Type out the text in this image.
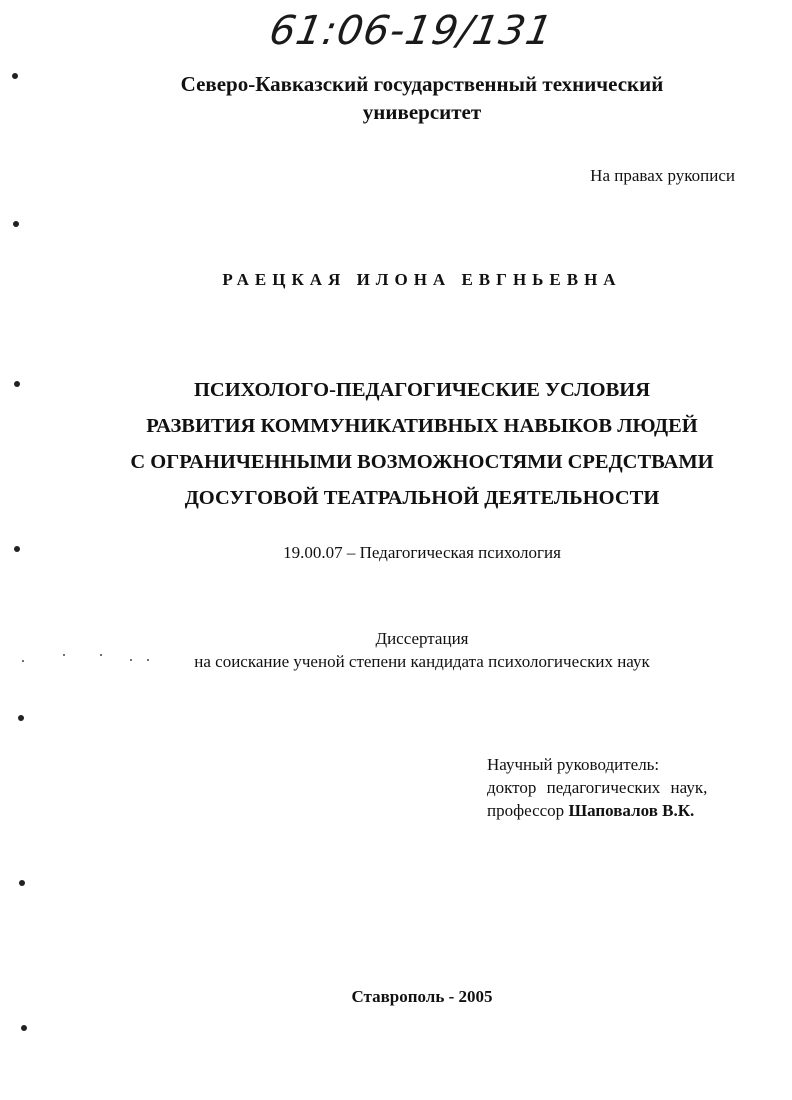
61:06-19/131
Северо-Кавказский государственный технический
университет
На правах рукописи
РАЕЦКАЯ ИЛОНА ЕВГНЬЕВНА
ПСИХОЛОГО-ПЕДАГОГИЧЕСКИЕ УСЛОВИЯ
РАЗВИТИЯ КОММУНИКАТИВНЫХ НАВЫКОВ ЛЮДЕЙ
С ОГРАНИЧЕННЫМИ ВОЗМОЖНОСТЯМИ СРЕДСТВАМИ
ДОСУГОВОЙ ТЕАТРАЛЬНОЙ ДЕЯТЕЛЬНОСТИ
19.00.07 – Педагогическая психология
Диссертация
на соискание ученой степени кандидата психологических наук
Научный руководитель:
доктор педагогических наук,
профессор Шаповалов В.К.
Ставрополь - 2005
